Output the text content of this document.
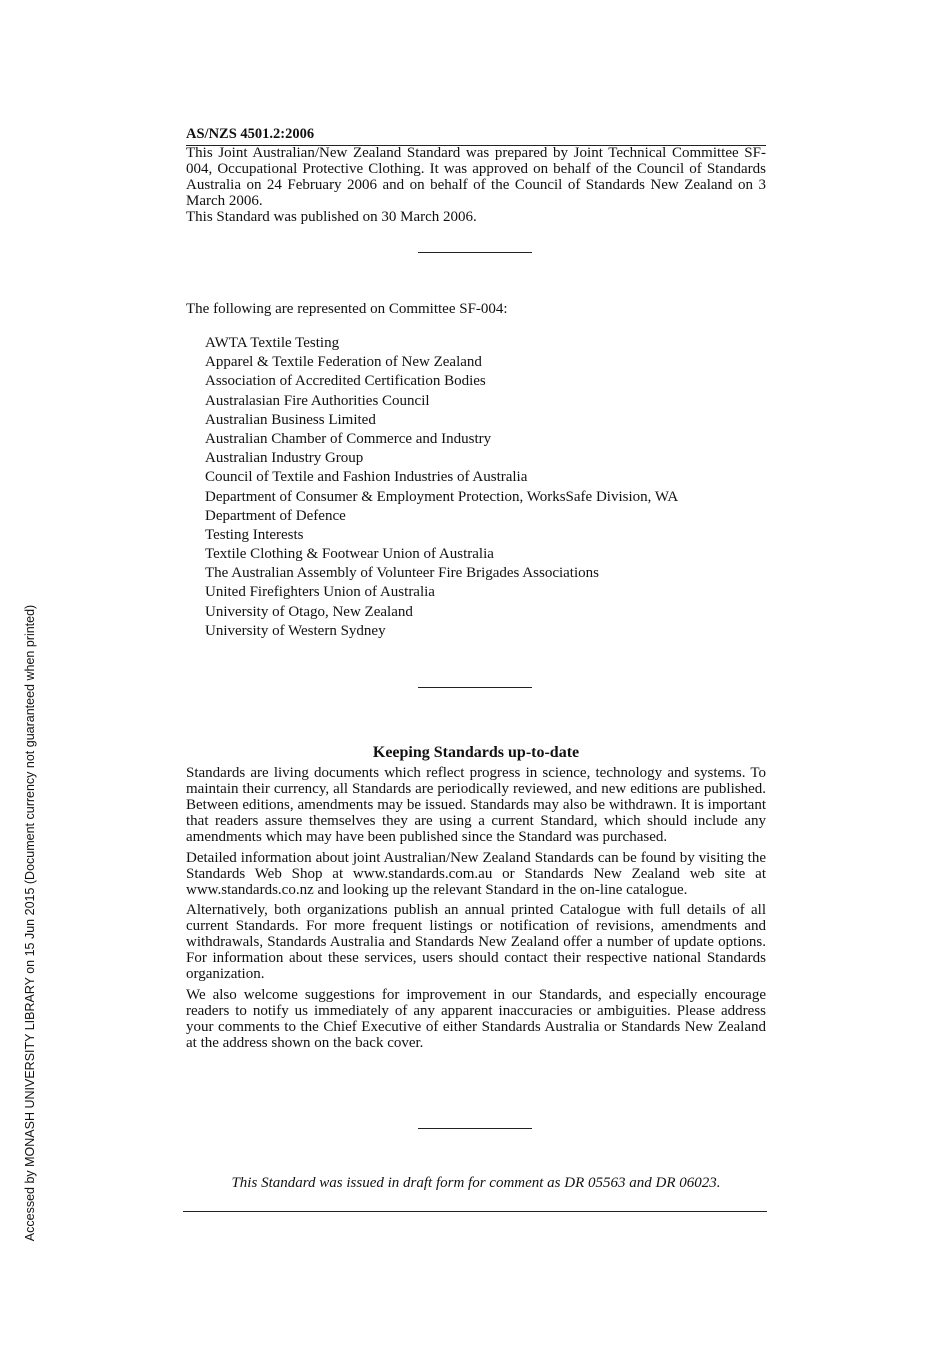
AS/NZS 4501.2:2006

This Joint Australian/New Zealand Standard was prepared by Joint Technical Committee SF-004, Occupational Protective Clothing. It was approved on behalf of the Council of Standards Australia on 24 February 2006 and on behalf of the Council of Standards New Zealand on 3 March 2006.

This Standard was published on 30 March 2006.

The following are represented on Committee SF-004:
AWTA Textile Testing
Apparel & Textile Federation of New Zealand
Association of Accredited Certification Bodies
Australasian Fire Authorities Council
Australian Business Limited
Australian Chamber of Commerce and Industry
Australian Industry Group
Council of Textile and Fashion Industries of Australia
Department of Consumer & Employment Protection, WorksSafe Division, WA
Department of Defence
Testing Interests
Textile Clothing & Footwear Union of Australia
The Australian Assembly of Volunteer Fire Brigades Associations
United Firefighters Union of Australia
University of Otago, New Zealand
University of Western Sydney
Keeping Standards up-to-date

Standards are living documents which reflect progress in science, technology and systems. To maintain their currency, all Standards are periodically reviewed, and new editions are published. Between editions, amendments may be issued. Standards may also be withdrawn. It is important that readers assure themselves they are using a current Standard, which should include any amendments which may have been published since the Standard was purchased.

Detailed information about joint Australian/New Zealand Standards can be found by visiting the Standards Web Shop at www.standards.com.au or Standards New Zealand web site at www.standards.co.nz and looking up the relevant Standard in the on-line catalogue.

Alternatively, both organizations publish an annual printed Catalogue with full details of all current Standards. For more frequent listings or notification of revisions, amendments and withdrawals, Standards Australia and Standards New Zealand offer a number of update options. For information about these services, users should contact their respective national Standards organization.

We also welcome suggestions for improvement in our Standards, and especially encourage readers to notify us immediately of any apparent inaccuracies or ambiguities. Please address your comments to the Chief Executive of either Standards Australia or Standards New Zealand at the address shown on the back cover.

This Standard was issued in draft form for comment as DR 05563 and DR 06023.
Accessed by MONASH UNIVERSITY LIBRARY on 15 Jun 2015 (Document currency not guaranteed when printed)
